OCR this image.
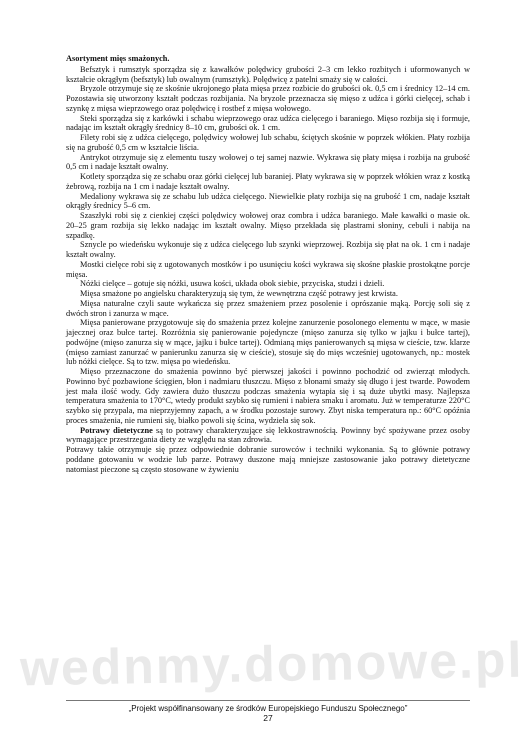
wednmy.domowe.pl

Asortyment mięs smażonych.

Befsztyk i rumsztyk sporządza się z kawałków polędwicy grubości 2–3 cm lekko rozbitych i uformowanych w kształcie okrągłym (befsztyk) lub owalnym (rumsztyk). Polędwicę z patelni smaży się w całości.

Bryzole otrzymuje się ze skośnie ukrojonego płata mięsa przez rozbicie do grubości ok. 0,5 cm i średnicy 12–14 cm. Pozostawia się utworzony kształt podczas rozbijania. Na bryzole przeznacza się mięso z udźca i górki cielęcej, schab i szynkę z mięsa wieprzowego oraz polędwicę i rostbef z mięsa wołowego.

Steki sporządza się z karkówki i schabu wieprzowego oraz udźca cielęcego i baraniego. Mięso rozbija się i formuje, nadając im kształt okrągły średnicy 8–10 cm, grubości ok. 1 cm.

Filety robi się z udźca cielęcego, polędwicy wołowej lub schabu, ściętych skośnie w poprzek włókien. Płaty rozbija się na grubość 0,5 cm w kształcie liścia.

Antrykot otrzymuje się z elementu tuszy wołowej o tej samej nazwie. Wykrawa się płaty mięsa i rozbija na grubość 0,5 cm i nadaje kształt owalny.

Kotlety sporządza się ze schabu oraz górki cielęcej lub baraniej. Płaty wykrawa się w poprzek włókien wraz z kostką żebrową, rozbija na 1 cm i nadaje kształt owalny.

Medaliony wykrawa się ze schabu lub udźca cielęcego. Niewielkie płaty rozbija się na grubość 1 cm, nadaje kształt okrągły średnicy 5–6 cm.

Szaszłyki robi się z cienkiej części polędwicy wołowej oraz combra i udźca baraniego. Małe kawałki o masie ok. 20–25 gram rozbija się lekko nadając im kształt owalny. Mięso przekłada się plastrami słoniny, cebuli i nabija na szpadkę.

Sznycle po wiedeńsku wykonuje się z udźca cielęcego lub szynki wieprzowej. Rozbija się płat na ok. 1 cm i nadaje kształt owalny.

Mostki cielęce robi się z ugotowanych mostków i po usunięciu kości wykrawa się skośne płaskie prostokątne porcje mięsa.

Nóżki cielęce – gotuje się nóżki, usuwa kości, układa obok siebie, przyciska, studzi i dzieli.

Mięsa smażone po angielsku charakteryzują się tym, że wewnętrzna część potrawy jest krwista.

Mięsa naturalne czyli saute wykańcza się przez smażeniem przez posolenie i oprószanie mąką. Porcję soli się z dwóch stron i zanurza w mące.

Mięsa panierowane przygotowuje się do smażenia przez kolejne zanurzenie posolonego elementu w mące, w masie jajecznej oraz bułce tartej. Rozróżnia się panierowanie pojedyncze (mięso zanurza się tylko w jajku i bułce tartej), podwójne (mięso zanurza się w mące, jajku i bułce tartej). Odmianą mięs panierowanych są mięsa w cieście, tzw. klarze (mięso zamiast zanurzać w panierunku zanurza się w cieście), stosuje się do mięs wcześniej ugotowanych, np.: mostek lub nóżki cielęce. Są to tzw. mięsa po wiedeńsku.

Mięso przeznaczone do smażenia powinno być pierwszej jakości i powinno pochodzić od zwierząt młodych. Powinno być pozbawione ścięgien, błon i nadmiaru tłuszczu. Mięso z błonami smaży się długo i jest twarde. Powodem jest mała ilość wody. Gdy zawiera dużo tłuszczu podczas smażenia wytapia się i są duże ubytki masy. Najlepsza temperatura smażenia to 170°C, wtedy produkt szybko się rumieni i nabiera smaku i aromatu. Już w temperaturze 220°C szybko się przypala, ma nieprzyjemny zapach, a w środku pozostaje surowy. Zbyt niska temperatura np.: 60°C opóźnia proces smażenia, nie rumieni się, białko powoli się ścina, wydziela się sok.

Potrawy dietetyczne są to potrawy charakteryzujące się lekkostrawnością. Powinny być spożywane przez osoby wymagające przestrzegania diety ze względu na stan zdrowia.

Potrawy takie otrzymuje się przez odpowiednie dobranie surowców i techniki wykonania. Są to głównie potrawy poddane gotowaniu w wodzie lub parze. Potrawy duszone mają mniejsze zastosowanie jako potrawy dietetyczne natomiast pieczone są często stosowane w żywieniu

„Projekt współfinansowany ze środków Europejskiego Funduszu Społecznego”
27
